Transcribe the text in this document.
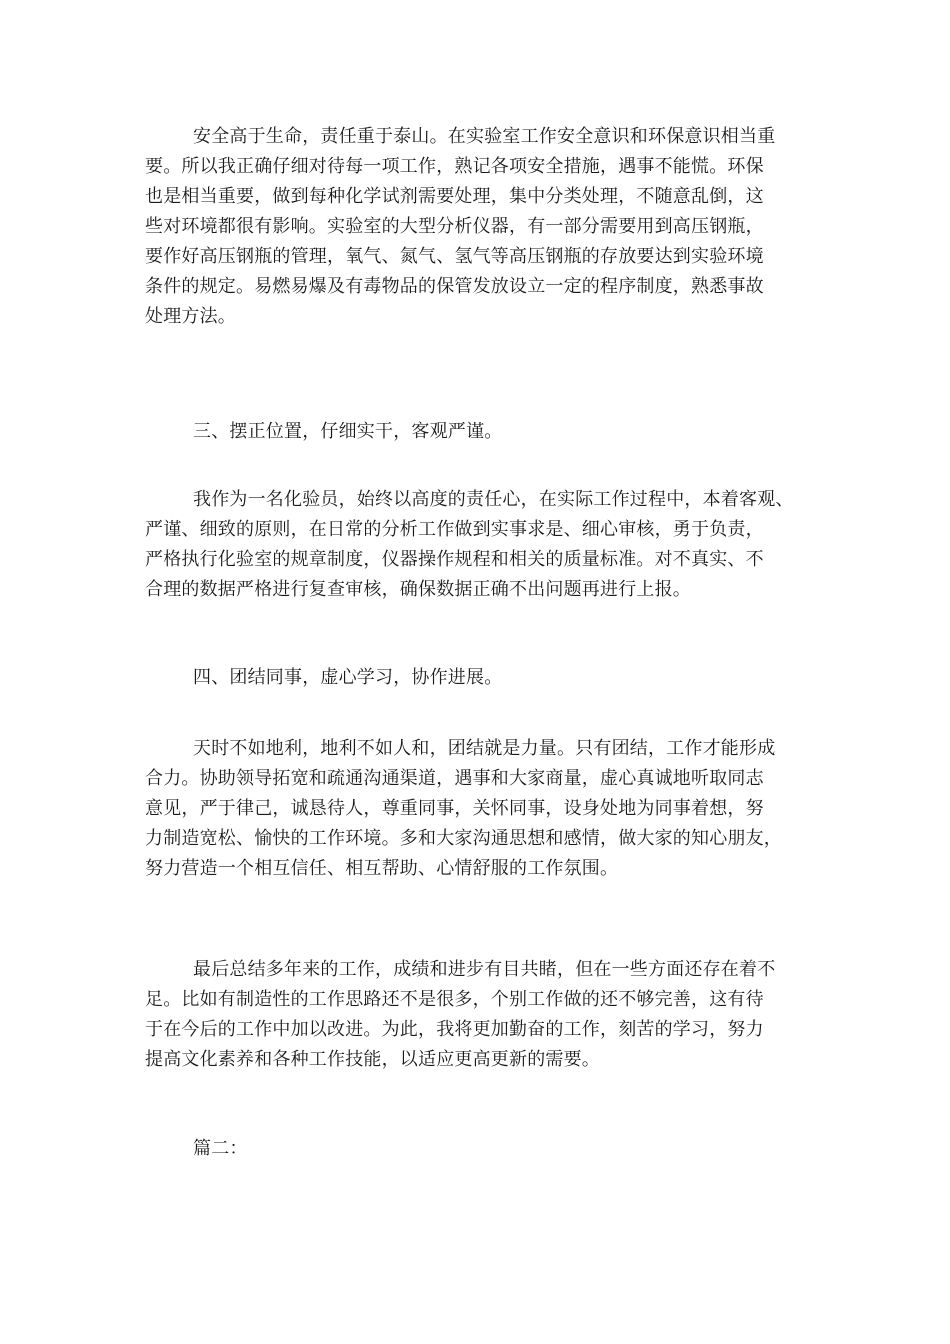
安全高于生命，责任重于泰山。在实验室工作安全意识和环保意识相当重
要。所以我正确仔细对待每一项工作，熟记各项安全措施，遇事不能慌。环保
也是相当重要，做到每种化学试剂需要处理，集中分类处理，不随意乱倒，这
些对环境都很有影响。实验室的大型分析仪器，有一部分需要用到高压钢瓶，
要作好高压钢瓶的管理，氧气、氮气、氢气等高压钢瓶的存放要达到实验环境
条件的规定。易燃易爆及有毒物品的保管发放设立一定的程序制度，熟悉事故
处理方法。
三、摆正位置，仔细实干，客观严谨。
我作为一名化验员，始终以高度的责任心，在实际工作过程中，本着客观、
严谨、细致的原则，在日常的分析工作做到实事求是、细心审核，勇于负责，
严格执行化验室的规章制度，仪器操作规程和相关的质量标准。对不真实、不
合理的数据严格进行复查审核，确保数据正确不出问题再进行上报。
四、团结同事，虚心学习，协作进展。
天时不如地利，地利不如人和，团结就是力量。只有团结，工作才能形成
合力。协助领导拓宽和疏通沟通渠道，遇事和大家商量，虚心真诚地听取同志
意见，严于律己，诚恳待人，尊重同事，关怀同事，设身处地为同事着想，努
力制造宽松、愉快的工作环境。多和大家沟通思想和感情，做大家的知心朋友，
努力营造一个相互信任、相互帮助、心情舒服的工作氛围。
最后总结多年来的工作，成绩和进步有目共睹，但在一些方面还存在着不
足。比如有制造性的工作思路还不是很多，个别工作做的还不够完善，这有待
于在今后的工作中加以改进。为此，我将更加勤奋的工作，刻苦的学习，努力
提高文化素养和各种工作技能，以适应更高更新的需要。
篇二：
